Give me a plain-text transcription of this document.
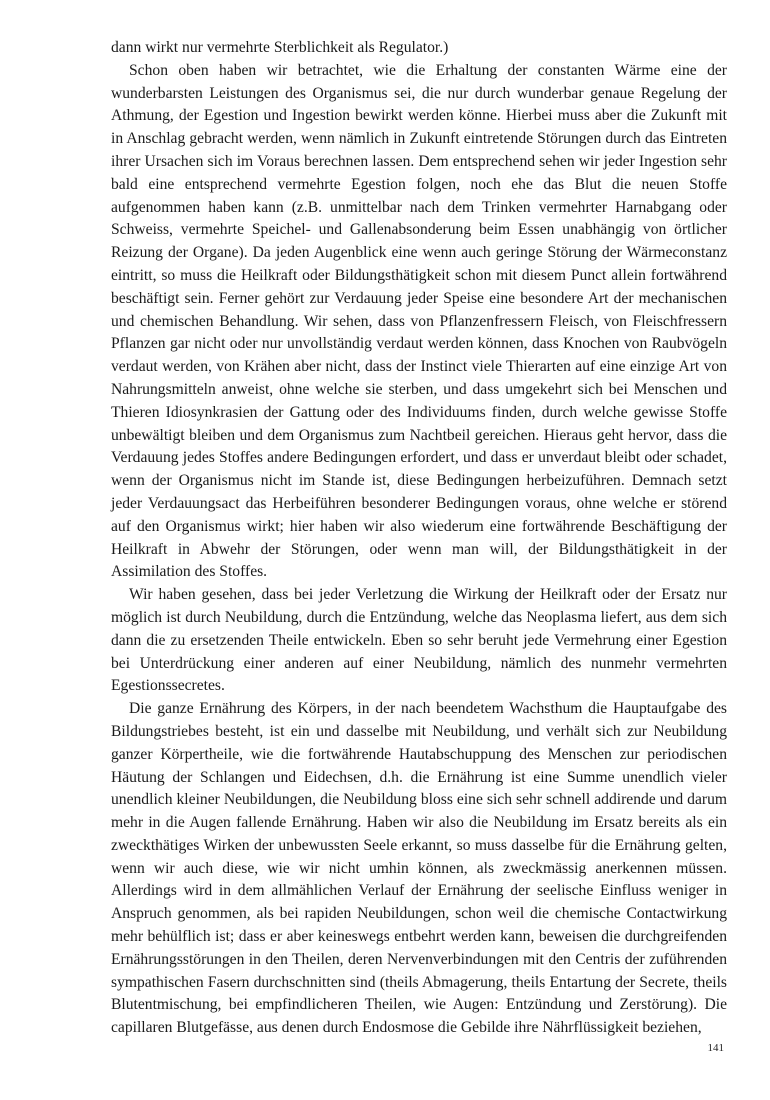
dann wirkt nur vermehrte Sterblichkeit als Regulator.)

Schon oben haben wir betrachtet, wie die Erhaltung der constanten Wärme eine der wunderbarsten Leistungen des Organismus sei, die nur durch wunderbar genaue Regelung der Athmung, der Egestion und Ingestion bewirkt werden könne. Hierbei muss aber die Zukunft mit in Anschlag gebracht werden, wenn nämlich in Zukunft eintretende Störungen durch das Eintreten ihrer Ursachen sich im Voraus berechnen lassen. Dem entsprechend sehen wir jeder Ingestion sehr bald eine entsprechend vermehrte Egestion folgen, noch ehe das Blut die neuen Stoffe aufgenommen haben kann (z.B. unmittelbar nach dem Trinken vermehrter Harnabgang oder Schweiss, vermehrte Speichel- und Gallenabsonderung beim Essen unabhängig von örtlicher Reizung der Organe). Da jeden Augenblick eine wenn auch geringe Störung der Wärmeconstanz eintritt, so muss die Heilkraft oder Bildungsthätigkeit schon mit diesem Punct allein fortwährend beschäftigt sein. Ferner gehört zur Verdauung jeder Speise eine besondere Art der mechanischen und chemischen Behandlung. Wir sehen, dass von Pflanzenfressern Fleisch, von Fleischfressern Pflanzen gar nicht oder nur unvollständig verdaut werden können, dass Knochen von Raubvögeln verdaut werden, von Krähen aber nicht, dass der Instinct viele Thierarten auf eine einzige Art von Nahrungsmitteln anweist, ohne welche sie sterben, und dass umgekehrt sich bei Menschen und Thieren Idiosynkrasien der Gattung oder des Individuums finden, durch welche gewisse Stoffe unbewältigt bleiben und dem Organismus zum Nachtbeil gereichen. Hieraus geht hervor, dass die Verdauung jedes Stoffes andere Bedingungen erfordert, und dass er unverdaut bleibt oder schadet, wenn der Organismus nicht im Stande ist, diese Bedingungen herbeizuführen. Demnach setzt jeder Verdauungsact das Herbeiführen besonderer Bedingungen voraus, ohne welche er störend auf den Organismus wirkt; hier haben wir also wiederum eine fortwährende Beschäftigung der Heilkraft in Abwehr der Störungen, oder wenn man will, der Bildungsthätigkeit in der Assimilation des Stoffes.

Wir haben gesehen, dass bei jeder Verletzung die Wirkung der Heilkraft oder der Ersatz nur möglich ist durch Neubildung, durch die Entzündung, welche das Neoplasma liefert, aus dem sich dann die zu ersetzenden Theile entwickeln. Eben so sehr beruht jede Vermehrung einer Egestion bei Unterdrückung einer anderen auf einer Neubildung, nämlich des nunmehr vermehrten Egestionssecretes.

Die ganze Ernährung des Körpers, in der nach beendetem Wachsthum die Hauptaufgabe des Bildungstriebes besteht, ist ein und dasselbe mit Neubildung, und verhält sich zur Neubildung ganzer Körpertheile, wie die fortwährende Hautabschuppung des Menschen zur periodischen Häutung der Schlangen und Eidechsen, d.h. die Ernährung ist eine Summe unendlich vieler unendlich kleiner Neubildungen, die Neubildung bloss eine sich sehr schnell addirende und darum mehr in die Augen fallende Ernährung. Haben wir also die Neubildung im Ersatz bereits als ein zweckthätiges Wirken der unbewussten Seele erkannt, so muss dasselbe für die Ernährung gelten, wenn wir auch diese, wie wir nicht umhin können, als zweckmässig anerkennen müssen. Allerdings wird in dem allmählichen Verlauf der Ernährung der seelische Einfluss weniger in Anspruch genommen, als bei rapiden Neubildungen, schon weil die chemische Contactwirkung mehr behülflich ist; dass er aber keineswegs entbehrt werden kann, beweisen die durchgreifenden Ernährungsstörungen in den Theilen, deren Nervenverbindungen mit den Centris der zuführenden sympathischen Fasern durchschnitten sind (theils Abmagerung, theils Entartung der Secrete, theils Blutentmischung, bei empfindlicheren Theilen, wie Augen: Entzündung und Zerstörung). Die capillaren Blutgefässe, aus denen durch Endosmose die Gebilde ihre Nährflüssigkeit beziehen,

141
